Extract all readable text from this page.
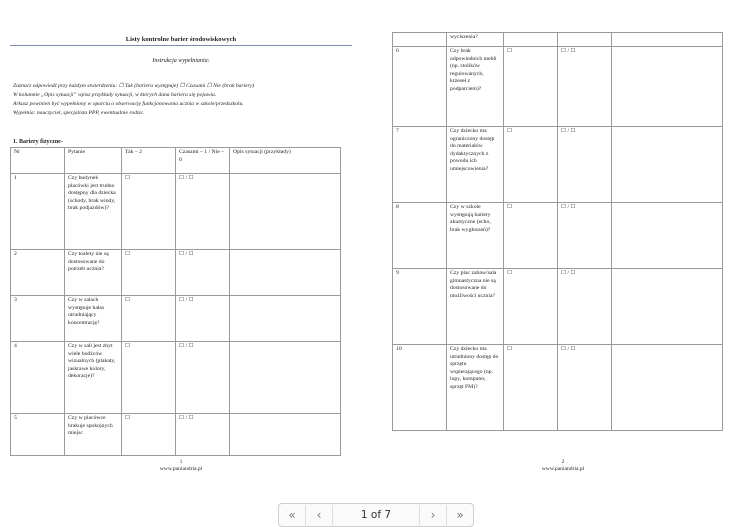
Listy kontrolne barier środowiskowych
Instrukcja wypełniania:
Zaznacz odpowiedź przy każdym stwierdzeniu: ☐ Tak (bariera występuje) ☐ Czasami ☐ Nie (brak bariery)
W kolumnie „Opis sytuacji” wpisz przykłady sytuacji, w których dana bariera się pojawia.
Arkusz powinien być wypełniony w oparciu o obserwację funkcjonowania ucznia w szkole/przedszkolu.
Wypełnia: nauczyciel, specjalista PPP, ewentualnie rodzic.
1. Bariery fizyczne-
Nr	Pytanie	Tak – 2	Czasami – 1 / Nie – 0	Opis sytuacji (przykłady)
1	Czy budynek placówki jest trudno dostępny dla dziecka (schody, brak windy, brak podjazdów)?	☐	☐ / ☐	
2	Czy toalety nie są dostosowane do potrzeb ucznia?	☐	☐ / ☐	
3	Czy w salach występuje hałas utrudniający koncentrację?	☐	☐ / ☐	
4	Czy w sali jest zbyt wiele bodźców wizualnych (plakaty, jaskrawe kolory, dekoracje)?	☐	☐ / ☐	
5	Czy w placówce brakuje spokojnych miejsc	☐	☐ / ☐	
1
www.paniandria.pl
	wyciszenia?			
6	Czy brak odpowiednich mebli (np. stolików regulowanych, krzeseł z podparciem)?	☐	☐ / ☐	
7	Czy dziecko ma ograniczony dostęp do materiałów dydaktycznych z powodu ich umiejscowienia?	☐	☐ / ☐	
8	Czy w szkole występują bariery akustyczne (echo, brak wygłuszeń)?	☐	☐ / ☐	
9	Czy plac zabaw/sala gimnastyczna nie są dostosowane do możliwości ucznia?	☐	☐ / ☐	
10	Czy dziecko ma utrudniony dostęp do sprzętu wspierającego (np. lupy, komputer, sprzęt FM)?	☐	☐ / ☐	
2
www.paniandria.pl
«	‹	1 of 7	›	»
